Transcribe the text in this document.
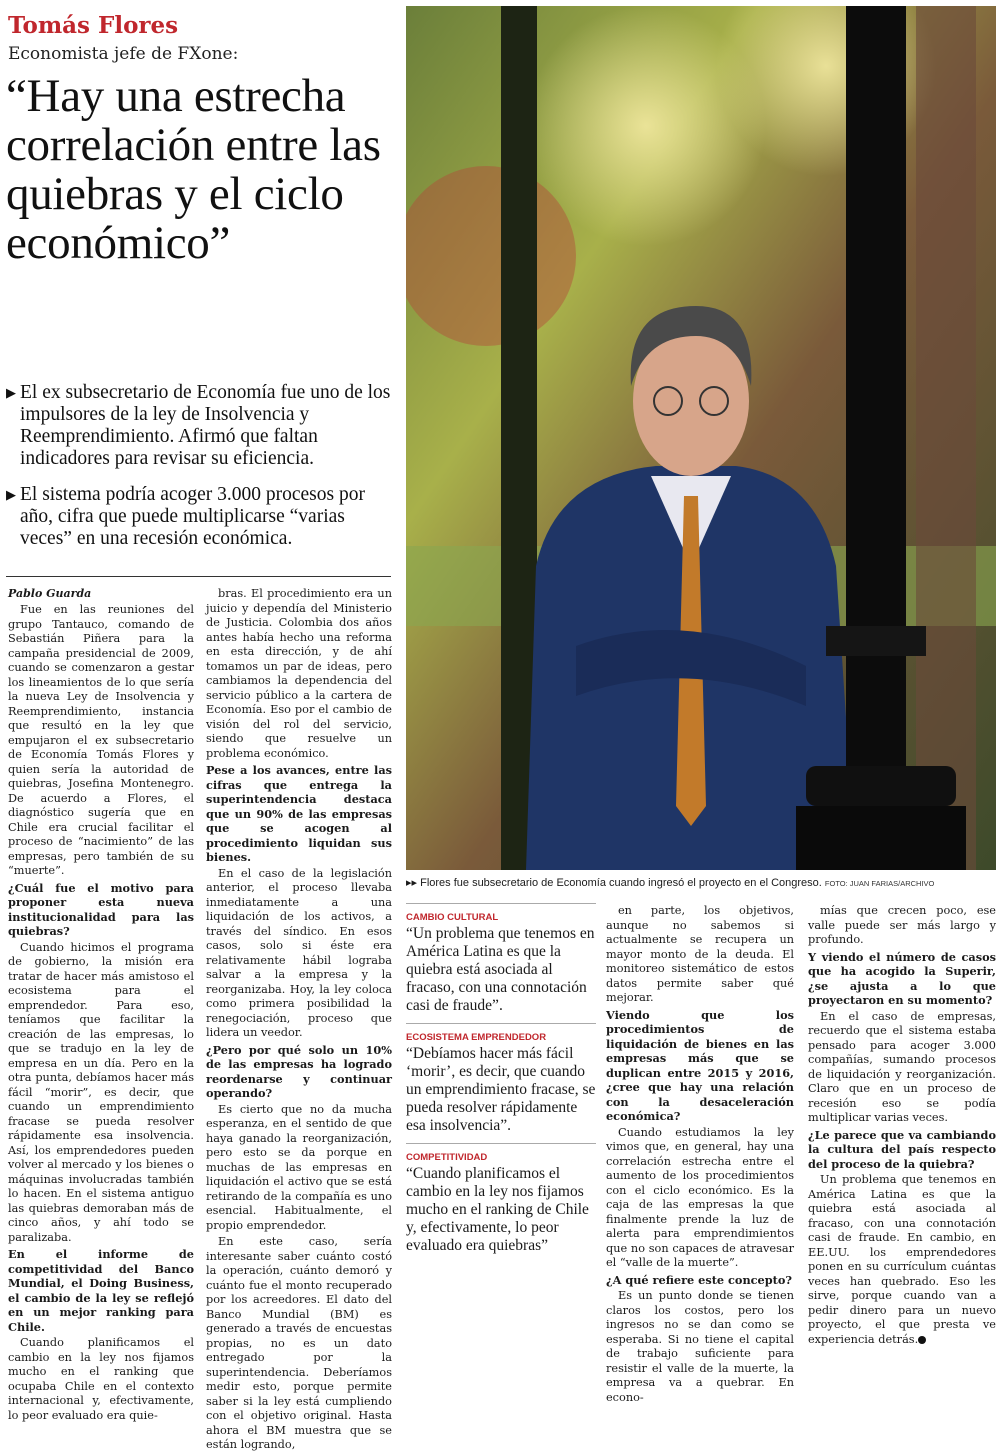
Tomás Flores
Economista jefe de FXone:
“Hay una estrecha correlación entre las quiebras y el ciclo económico”
▶ El ex subsecretario de Economía fue uno de los impulsores de la ley de Insolvencia y Reemprendimiento. Afirmó que faltan indicadores para revisar su eficiencia.
▶ El sistema podría acoger 3.000 procesos por año, cifra que puede multiplicarse “varias veces” en una recesión económica.
Pablo Guarda

Fue en las reuniones del grupo Tantauco, comando de Sebastián Piñera para la campaña presidencial de 2009, cuando se comenzaron a gestar los lineamientos de lo que sería la nueva Ley de Insolvencia y Reemprendimiento, instancia que resultó en la ley que empujaron el ex subsecretario de Economía Tomás Flores y quien sería la autoridad de quiebras, Josefina Montenegro. De acuerdo a Flores, el diagnóstico sugería que en Chile era crucial facilitar el proceso de “nacimiento” de las empresas, pero también de su “muerte”.

¿Cuál fue el motivo para proponer esta nueva institucionalidad para las quiebras?

Cuando hicimos el programa de gobierno, la misión era tratar de hacer más amistoso el ecosistema para el emprendedor. Para eso, teníamos que facilitar la creación de las empresas, lo que se tradujo en la ley de empresa en un día. Pero en la otra punta, debíamos hacer más fácil “morir”, es decir, que cuando un emprendimiento fracase se pueda resolver rápidamente esa insolvencia. Así, los emprendedores pueden volver al mercado y los bienes o máquinas involucradas también lo hacen. En el sistema antiguo las quiebras demoraban más de cinco años, y ahí todo se paralizaba.

En el informe de competitividad del Banco Mundial, el Doing Business, el cambio de la ley se reflejó en un mejor ranking para Chile.

Cuando planificamos el cambio en la ley nos fijamos mucho en el ranking que ocupaba Chile en el contexto internacional y, efectivamente, lo peor evaluado era quie-

bras. El procedimiento era un juicio y dependía del Ministerio de Justicia. Colombia dos años antes había hecho una reforma en esta dirección, y de ahí tomamos un par de ideas, pero cambiamos la dependencia del servicio público a la cartera de Economía. Eso por el cambio de visión del rol del servicio, siendo que resuelve un problema económico.

Pese a los avances, entre las cifras que entrega la superintendencia destaca que un 90% de las empresas que se acogen al procedimiento liquidan sus bienes.

En el caso de la legislación anterior, el proceso llevaba inmediatamente a una liquidación de los activos, a través del síndico. En esos casos, solo si éste era relativamente hábil lograba salvar a la empresa y la reorganizaba. Hoy, la ley coloca como primera posibilidad la renegociación, proceso que lidera un veedor.

¿Pero por qué solo un 10% de las empresas ha logrado reordenarse y continuar operando?

Es cierto que no da mucha esperanza, en el sentido de que haya ganado la reorganización, pero esto se da porque en muchas de las empresas en liquidación el activo que se está retirando de la compañía es uno esencial. Habitualmente, el propio emprendedor.

En este caso, sería interesante saber cuánto costó la operación, cuánto demoró y cuánto fue el monto recuperado por los acreedores. El dato del Banco Mundial (BM) es generado a través de encuestas propias, no es un dato entregado por la superintendencia. Deberíamos medir esto, porque permite saber si la ley está cumpliendo con el objetivo original. Hasta ahora el BM muestra que se están logrando,

▸▸ Flores fue subsecretario de Economía cuando ingresó el proyecto en el Congreso. FOTO: JUAN FARIAS/ARCHIVO
CAMBIO CULTURAL
“Un problema que tenemos en América Latina es que la quiebra está asociada al fracaso, con una connotación casi de fraude”.
ECOSISTEMA EMPRENDEDOR
“Debíamos hacer más fácil ‘morir’, es decir, que cuando un emprendimiento fracase, se pueda resolver rápidamente esa insolvencia”.
COMPETITIVIDAD
“Cuando planificamos el cambio en la ley nos fijamos mucho en el ranking de Chile y, efectivamente, lo peor evaluado era quiebras”

en parte, los objetivos, aunque no sabemos si actualmente se recupera un mayor monto de la deuda. El monitoreo sistemático de estos datos permite saber qué mejorar.

Viendo que los procedimientos de liquidación de bienes en las empresas más que se duplican entre 2015 y 2016, ¿cree que hay una relación con la desaceleración económica?

Cuando estudiamos la ley vimos que, en general, hay una correlación estrecha entre el aumento de los procedimientos con el ciclo económico. Es la caja de las empresas la que finalmente prende la luz de alerta para emprendimientos que no son capaces de atravesar el “valle de la muerte”.

¿A qué refiere este concepto?

Es un punto donde se tienen claros los costos, pero los ingresos no se dan como se esperaba. Si no tiene el capital de trabajo suficiente para resistir el valle de la muerte, la empresa va a quebrar. En econo-

mías que crecen poco, ese valle puede ser más largo y profundo.

Y viendo el número de casos que ha acogido la Superir, ¿se ajusta a lo que proyectaron en su momento?

En el caso de empresas, recuerdo que el sistema estaba pensado para acoger 3.000 compañías, sumando procesos de liquidación y reorganización. Claro que en un proceso de recesión eso se podía multiplicar varias veces.

¿Le parece que va cambiando la cultura del país respecto del proceso de la quiebra?

Un problema que tenemos en América Latina es que la quiebra está asociada al fracaso, con una connotación casi de fraude. En cambio, en EE.UU. los emprendedores ponen en su currículum cuántas veces han quebrado. Eso les sirve, porque cuando van a pedir dinero para un nuevo proyecto, el que presta ve experiencia detrás.
